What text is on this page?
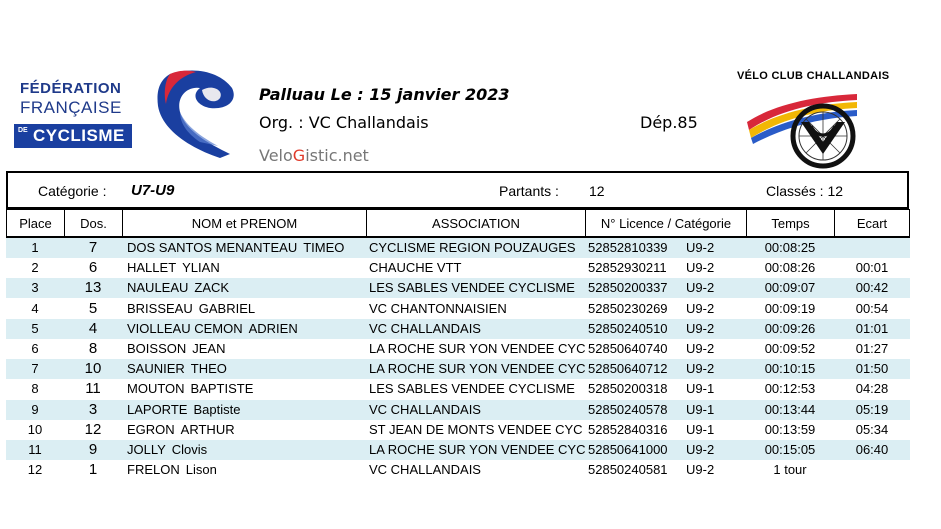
FÉDÉRATION
FRANÇAISE
DE CYCLISME
Palluau Le : 15 janvier 2023
Org. : VC Challandais	Dép.85
VeloGistic.net
VÉLO CLUB CHALLANDAIS
Catégorie : U7-U9	Partants : 12	Classés : 12
Place	Dos.	NOM et PRENOM	ASSOCIATION	N° Licence / Catégorie	Temps	Ecart
1	7	DOS SANTOS MENANTEAU TIMEO	CYCLISME REGION POUZAUGES 52852810339	U9-2	00:08:25
2	6	HALLET YLIAN	CHAUCHE VTT	52852930211	U9-2	00:08:26	00:01
3	13	NAULEAU ZACK	LES SABLES VENDEE CYCLISME	52850200337	U9-2	00:09:07	00:42
4	5	BRISSEAU GABRIEL	VC CHANTONNAISIEN	52850230269	U9-2	00:09:19	00:54
5	4	VIOLLEAU CEMON ADRIEN	VC CHALLANDAIS	52850240510	U9-2	00:09:26	01:01
6	8	BOISSON JEAN	LA ROCHE SUR YON VENDEE CYC 52850640740	U9-2	00:09:52	01:27
7	10	SAUNIER THEO	LA ROCHE SUR YON VENDEE CYC 52850640712	U9-2	00:10:15	01:50
8	11	MOUTON BAPTISTE	LES SABLES VENDEE CYCLISME	52850200318	U9-1	00:12:53	04:28
9	3	LAPORTE Baptiste	VC CHALLANDAIS	52850240578	U9-1	00:13:44	05:19
10	12	EGRON ARTHUR	ST JEAN DE MONTS VENDEE CYC 52852840316	U9-1	00:13:59	05:34
11	9	JOLLY Clovis	LA ROCHE SUR YON VENDEE CYC 52850641000	U9-2	00:15:05	06:40
12	1	FRELON Lison	VC CHALLANDAIS	52850240581	U9-2	1 tour
